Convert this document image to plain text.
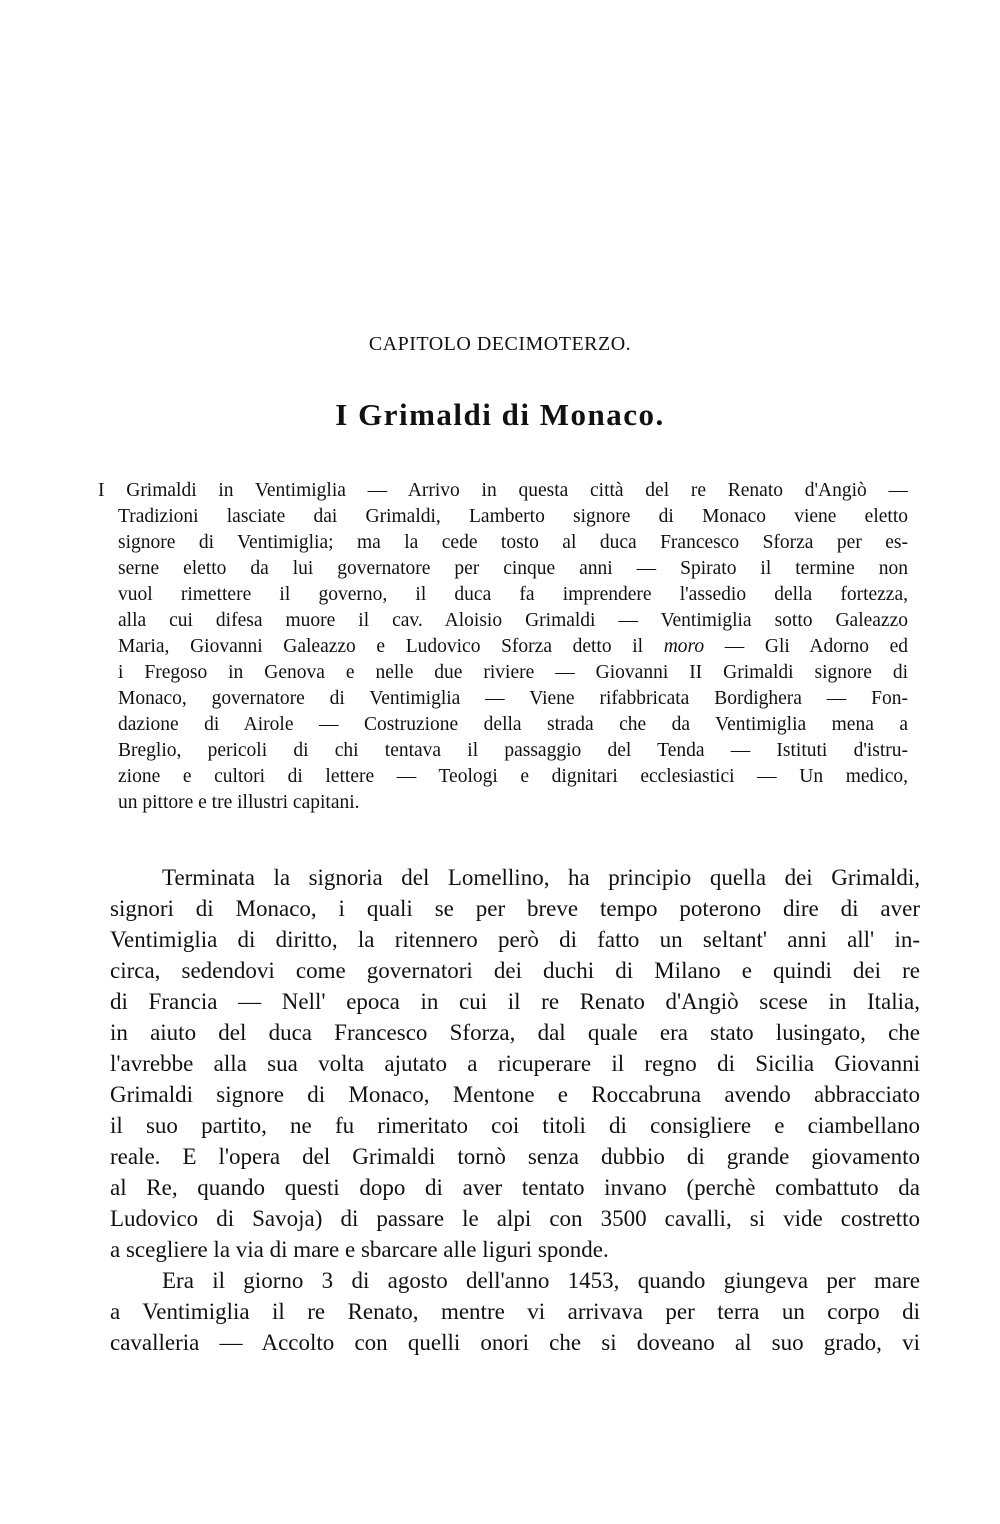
CAPITOLO DECIMOTERZO.
I Grimaldi di Monaco.
I Grimaldi in Ventimiglia — Arrivo in questa città del re Renato d'Angiò —
Tradizioni lasciate dai Grimaldi, Lamberto signore di Monaco viene eletto
signore di Ventimiglia; ma la cede tosto al duca Francesco Sforza per es-
serne eletto da lui governatore per cinque anni — Spirato il termine non
vuol rimettere il governo, il duca fa imprendere l'assedio della fortezza,
alla cui difesa muore il cav. Aloisio Grimaldi — Ventimiglia sotto Galeazzo
Maria, Giovanni Galeazzo e Ludovico Sforza detto il moro — Gli Adorno ed
i Fregoso in Genova e nelle due riviere — Giovanni II Grimaldi signore di
Monaco, governatore di Ventimiglia — Viene rifabbricata Bordighera — Fon-
dazione di Airole — Costruzione della strada che da Ventimiglia mena a
Breglio, pericoli di chi tentava il passaggio del Tenda — Istituti d'istru-
zione e cultori di lettere — Teologi e dignitari ecclesiastici — Un medico,
un pittore e tre illustri capitani.
Terminata la signoria del Lomellino, ha principio quella dei Grimaldi,
signori di Monaco, i quali se per breve tempo poterono dire di aver
Ventimiglia di diritto, la ritennero però di fatto un seltant' anni all' in-
circa, sedendovi come governatori dei duchi di Milano e quindi dei re
di Francia — Nell' epoca in cui il re Renato d'Angiò scese in Italia,
in aiuto del duca Francesco Sforza, dal quale era stato lusingato, che
l'avrebbe alla sua volta ajutato a ricuperare il regno di Sicilia Giovanni
Grimaldi signore di Monaco, Mentone e Roccabruna avendo abbracciato
il suo partito, ne fu rimeritato coi titoli di consigliere e ciambellano
reale. E l'opera del Grimaldi tornò senza dubbio di grande giovamento
al Re, quando questi dopo di aver tentato invano (perchè combattuto da
Ludovico di Savoja) di passare le alpi con 3500 cavalli, si vide costretto
a scegliere la via di mare e sbarcare alle liguri sponde.
Era il giorno 3 di agosto dell'anno 1453, quando giungeva per mare
a Ventimiglia il re Renato, mentre vi arrivava per terra un corpo di
cavalleria — Accolto con quelli onori che si doveano al suo grado, vi
